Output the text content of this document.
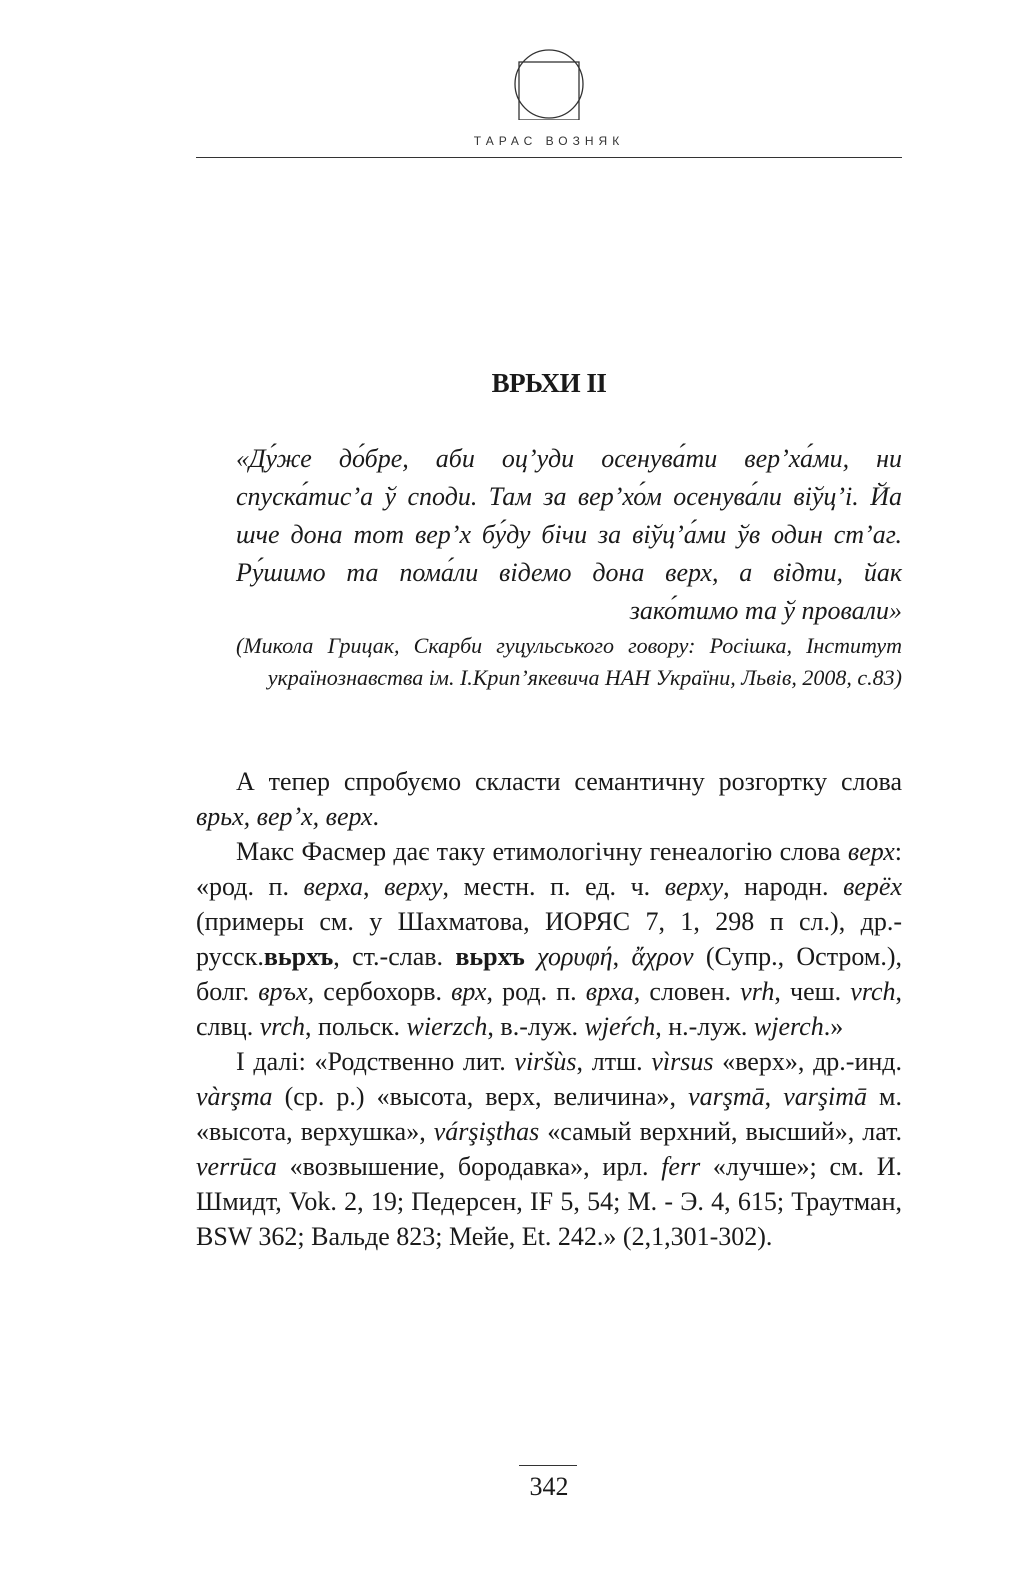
ТАРАС ВОЗНЯК
ВРЬХИ II

«Ду́же до́бре, аби оц’уди осенува́ти вер’ха́ми, ни спуска́тис’а ў споди. Там за вер’хо́м осенува́ли віўц’і. Йа шче дона тот вер’х бу́ду бічи за віўц’а́ми ўв один ст’аг. Ру́шимо та пома́ли відемо дона верх, а відти, йак зако́тимо та ў провали»

(Микола Грицак, Скарби гуцульського говору: Росішка, Інститут українознавства ім. І.Крип’якевича НАН України, Львів, 2008, с.83)

А тепер спробуємо скласти семантичну розгортку слова врьх, вер’х, верх.

Макс Фасмер дає таку етимологічну генеалогію слова верх: «род. п. верха, верху, местн. п. ед. ч. верху, народн. верёх (примеры см. у Шахматова, ИОРЯС 7, 1, 298 п сл.), др.-русск.вьрхъ, ст.-слав. вьрхъ χορυφή, ἄχρον (Супр., Остром.), болг. връх, сербохорв. врх, род. п. врха, словен. vrh, чеш. vrch, слвц. vrch, польск. wierzch, в.-луж. wjeŕch, н.-луж. wjerch.»

І далі: «Родственно лит. viršùs, лтш. vìrsus «верх», др.-инд. vàrşma (ср. р.) «высота, верх, величина», varşmā, varşimā м. «высота, верхушка», várşişthas «самый верхний, высший», лат. verrūca «возвышение, бородавка», ирл. ferr «лучше»; см. И. Шмидт, Vok. 2, 19; Педерсен, IF 5, 54; М. - Э. 4, 615; Траутман, BSW 362; Вальде 823; Мейе, Et. 242.» (2,1,301-302).

342
